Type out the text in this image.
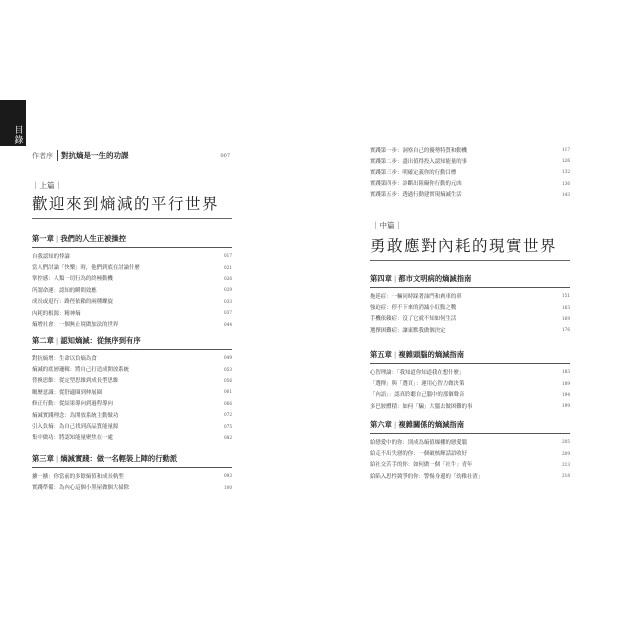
目錄
作者序	對抗熵是一生的功課	007
｜上篇｜
歡迎來到熵減的平行世界
第一章 | 我們的人生正被操控
自我認知的悖論	017
當人們討論「快樂」時，他們到底在討論什麼	021
掌控感：人類一切行為的終極動機	026
所謂命運：認知的瞬間效應	029
成長或退行：路徑依賴的兩種螺旋	033
內耗的根源：精神熵	037
熵增社會：一個無止境做加法的世界	044
第二章 | 認知熵減：從無序到有序
對抗熵增：生命以負熵為食	049
熵減的底層邏輯：將自己打造成開放系統	053
替換思維：從定型思維到成長型思維	056
嘅歷意識：從舒適圈到伸展圈	061
修正行動：從結果導向到過程導向	066
熵減實踐理念：為開放系統主動做功	072
引入負熵：為自己找到高品質能量源	075
集中做功：將認知能量聚焦在一處	082
第三章 | 熵減實踐：做一名輕裝上陣的行動派
擴一擴：你當前的多餘熵值和成長軌型	093
實踐準備：為內心這個小黑屋做個大掃除	100
實踐第一步：洞察自己的優勢特質和動機	117
實踐第二步：盡出值得投入認知能量的事	126
實踐第三步：明確定義你的行動目標	132
實踐第四步：診斷出阻礙你行動的元凶	136
實踐第五步：透過行動建實現熵減生活	143
｜中篇｜
勇敢應對內耗的現實世界
第四章 | 都市文明病的熵減指南
拖延症：一輛同時踩著油門和剎車的車	151
強迫症：停不下來的消滅小紅點之戰	163
手機依賴症：沒了它就不知如何生活	169
選擇困難症：讓東默我做個決定	176
第五章 | 複雜頭腦的熵減指南
心智理論：「我知道你知道我在想什麼」	183
「選擇」與「選頁」：運用心智力做決策	189
「內語」：認真聆聽自己腦中的那個聲音	194
多巴胺體積：如何「騙」大腦去做困難的事	199
第六章 | 複雜關係的熵減指南
給戀愛中的你：別成為熵值爆棚的戀愛腦	205
給走不出失戀的你：一個破核輝話語收好	209
給社交苦手的你：如何做一個「社牛」青年	213
給陷入思性競爭的你：警惕身邊的「幼稚社渣」	218
